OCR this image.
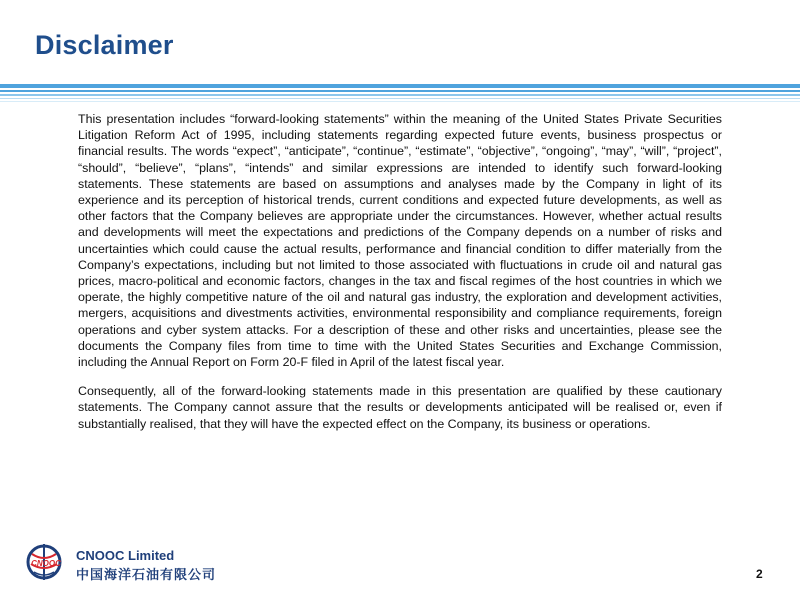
Disclaimer

This presentation includes “forward-looking statements” within the meaning of the United States Private Securities Litigation Reform Act of 1995, including statements regarding expected future events, business prospectus or financial results. The words “expect”, “anticipate”, “continue”, “estimate”, “objective”, “ongoing”, “may”, “will”, “project”, “should”, “believe”, “plans”, “intends” and similar expressions are intended to identify such forward-looking statements. These statements are based on assumptions and analyses made by the Company in light of its experience and its perception of historical trends, current conditions and expected future developments, as well as other factors that the Company believes are appropriate under the circumstances. However, whether actual results and developments will meet the expectations and predictions of the Company depends on a number of risks and uncertainties which could cause the actual results, performance and financial condition to differ materially from the Company’s expectations, including but not limited to those associated with fluctuations in crude oil and natural gas prices, macro-political and economic factors, changes in the tax and fiscal regimes of the host countries in which we operate, the highly competitive nature of the oil and natural gas industry, the exploration and development activities, mergers, acquisitions and divestments activities, environmental responsibility and compliance requirements, foreign operations and cyber system attacks. For a description of these and other risks and uncertainties, please see the documents the Company files from time to time with the United States Securities and Exchange Commission, including the Annual Report on Form 20-F filed in April of the latest fiscal year.

Consequently, all of the forward-looking statements made in this presentation are qualified by these cautionary statements. The Company cannot assure that the results or developments anticipated will be realised or, even if substantially realised, that they will have the expected effect on the Company, its business or operations.

CNOOC
CNOOC Limited
中国海洋石油有限公司	2
